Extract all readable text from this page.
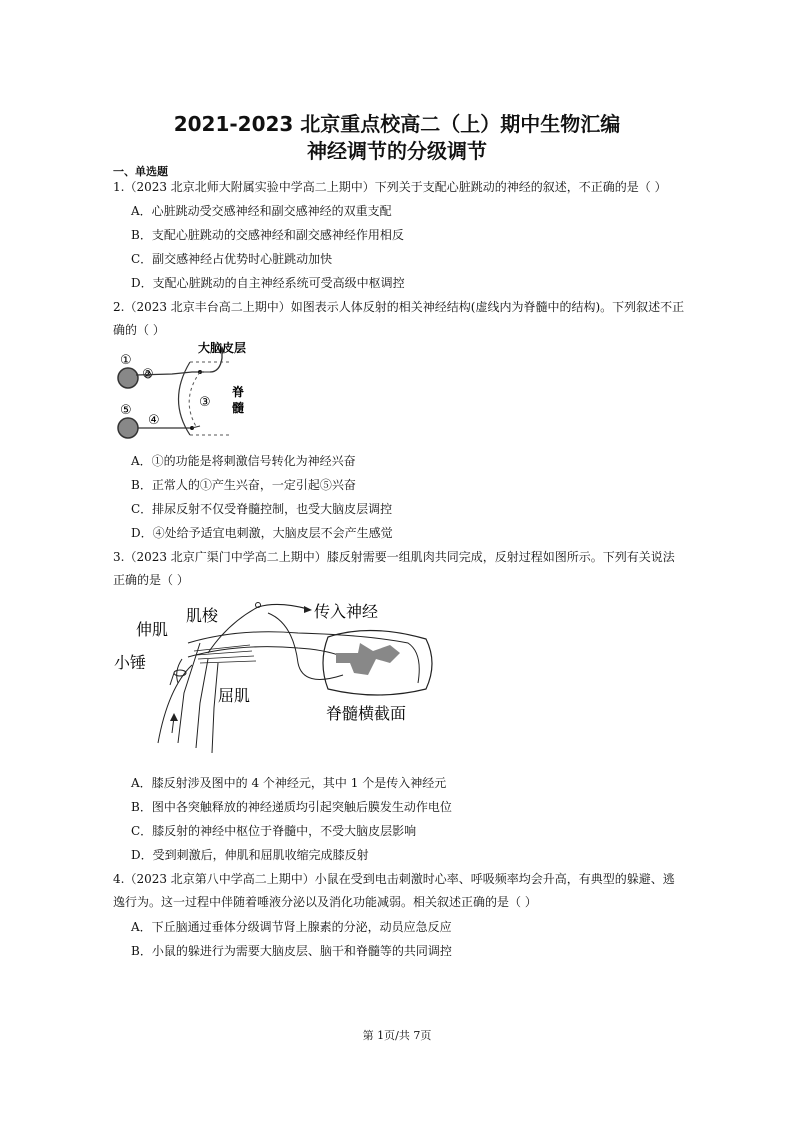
2021-2023 北京重点校高二（上）期中生物汇编
神经调节的分级调节
一、单选题
1.（2023 北京北师大附属实验中学高二上期中）下列关于支配心脏跳动的神经的叙述，不正确的是（ ）
A．心脏跳动受交感神经和副交感神经的双重支配
B．支配心脏跳动的交感神经和副交感神经作用相反
C．副交感神经占优势时心脏跳动加快
D．支配心脏跳动的自主神经系统可受高级中枢调控
2.（2023 北京丰台高二上期中）如图表示人体反射的相关神经结构(虚线内为脊髓中的结构)。下列叙述不正
确的（ ）
①
②
大脑皮层
③
脊
髓
⑤
④
A．①的功能是将刺激信号转化为神经兴奋
B．正常人的①产生兴奋，一定引起⑤兴奋
C．排尿反射不仅受脊髓控制，也受大脑皮层调控
D．④处给予适宜电刺激，大脑皮层不会产生感觉
3.（2023 北京广渠门中学高二上期中）膝反射需要一组肌肉共同完成，反射过程如图所示。下列有关说法
正确的是（ ）
伸肌
肌梭	传入神经
小锤
屈肌
脊髓横截面
A．膝反射涉及图中的 4 个神经元，其中 1 个是传入神经元
B．图中各突触释放的神经递质均引起突触后膜发生动作电位
C．膝反射的神经中枢位于脊髓中，不受大脑皮层影响
D．受到刺激后，伸肌和屈肌收缩完成膝反射
4.（2023 北京第八中学高二上期中）小鼠在受到电击刺激时心率、呼吸频率均会升高，有典型的躲避、逃
逸行为。这一过程中伴随着唾液分泌以及消化功能减弱。相关叙述正确的是（ ）
A．下丘脑通过垂体分级调节肾上腺素的分泌，动员应急反应
B．小鼠的躲进行为需要大脑皮层、脑干和脊髓等的共同调控
第 1页/共 7页
